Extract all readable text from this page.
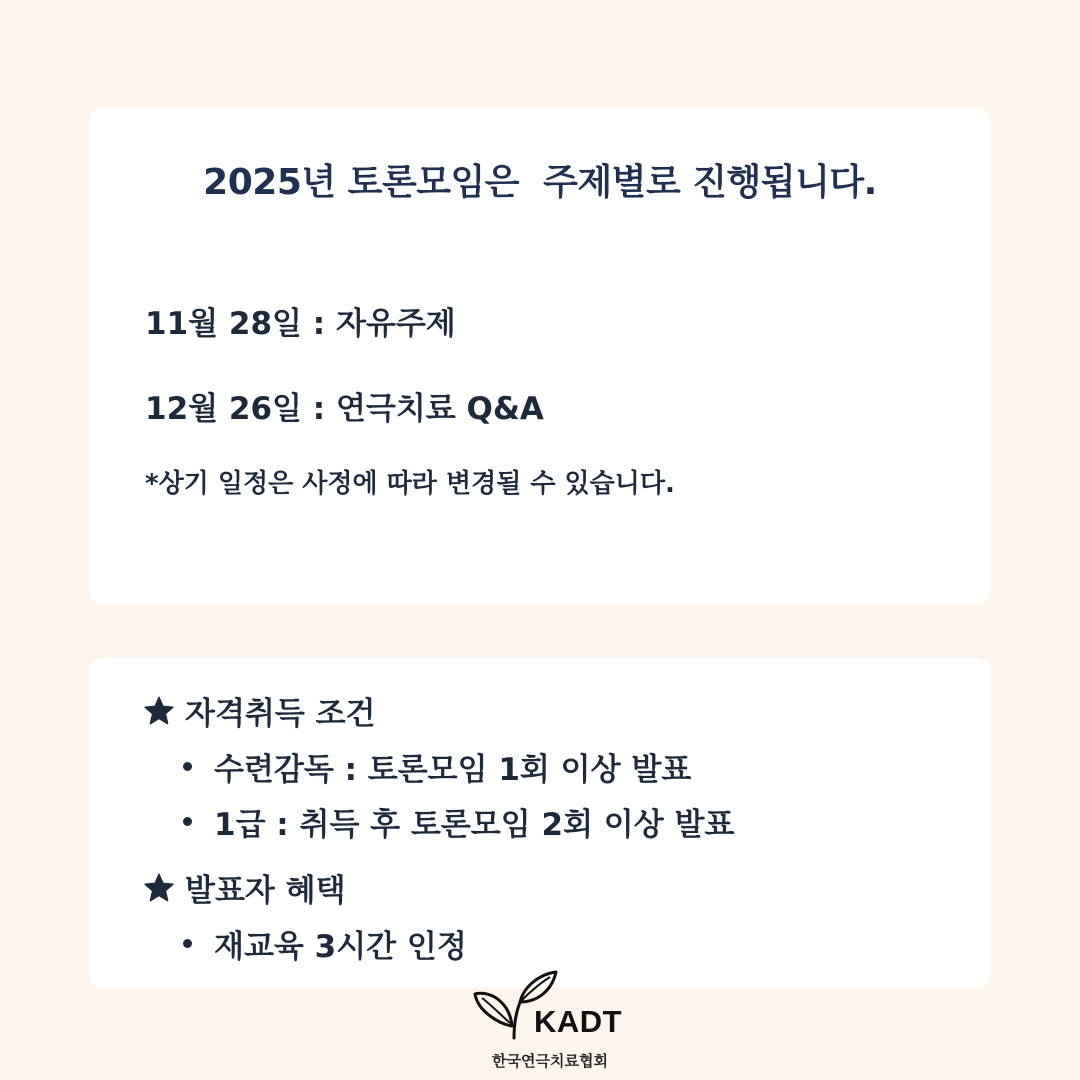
2025년 토론모임은  주제별로 진행됩니다.
11월 28일 : 자유주제
12월 26일 : 연극치료 Q&A
*상기 일정은 사정에 따라 변경될 수 있습니다.
자격취득 조건
수련감독 : 토론모임 1회 이상 발표
1급 : 취득 후 토론모임 2회 이상 발표
발표자 혜택
재교육 3시간 인정
KADT
한국연극치료협회
